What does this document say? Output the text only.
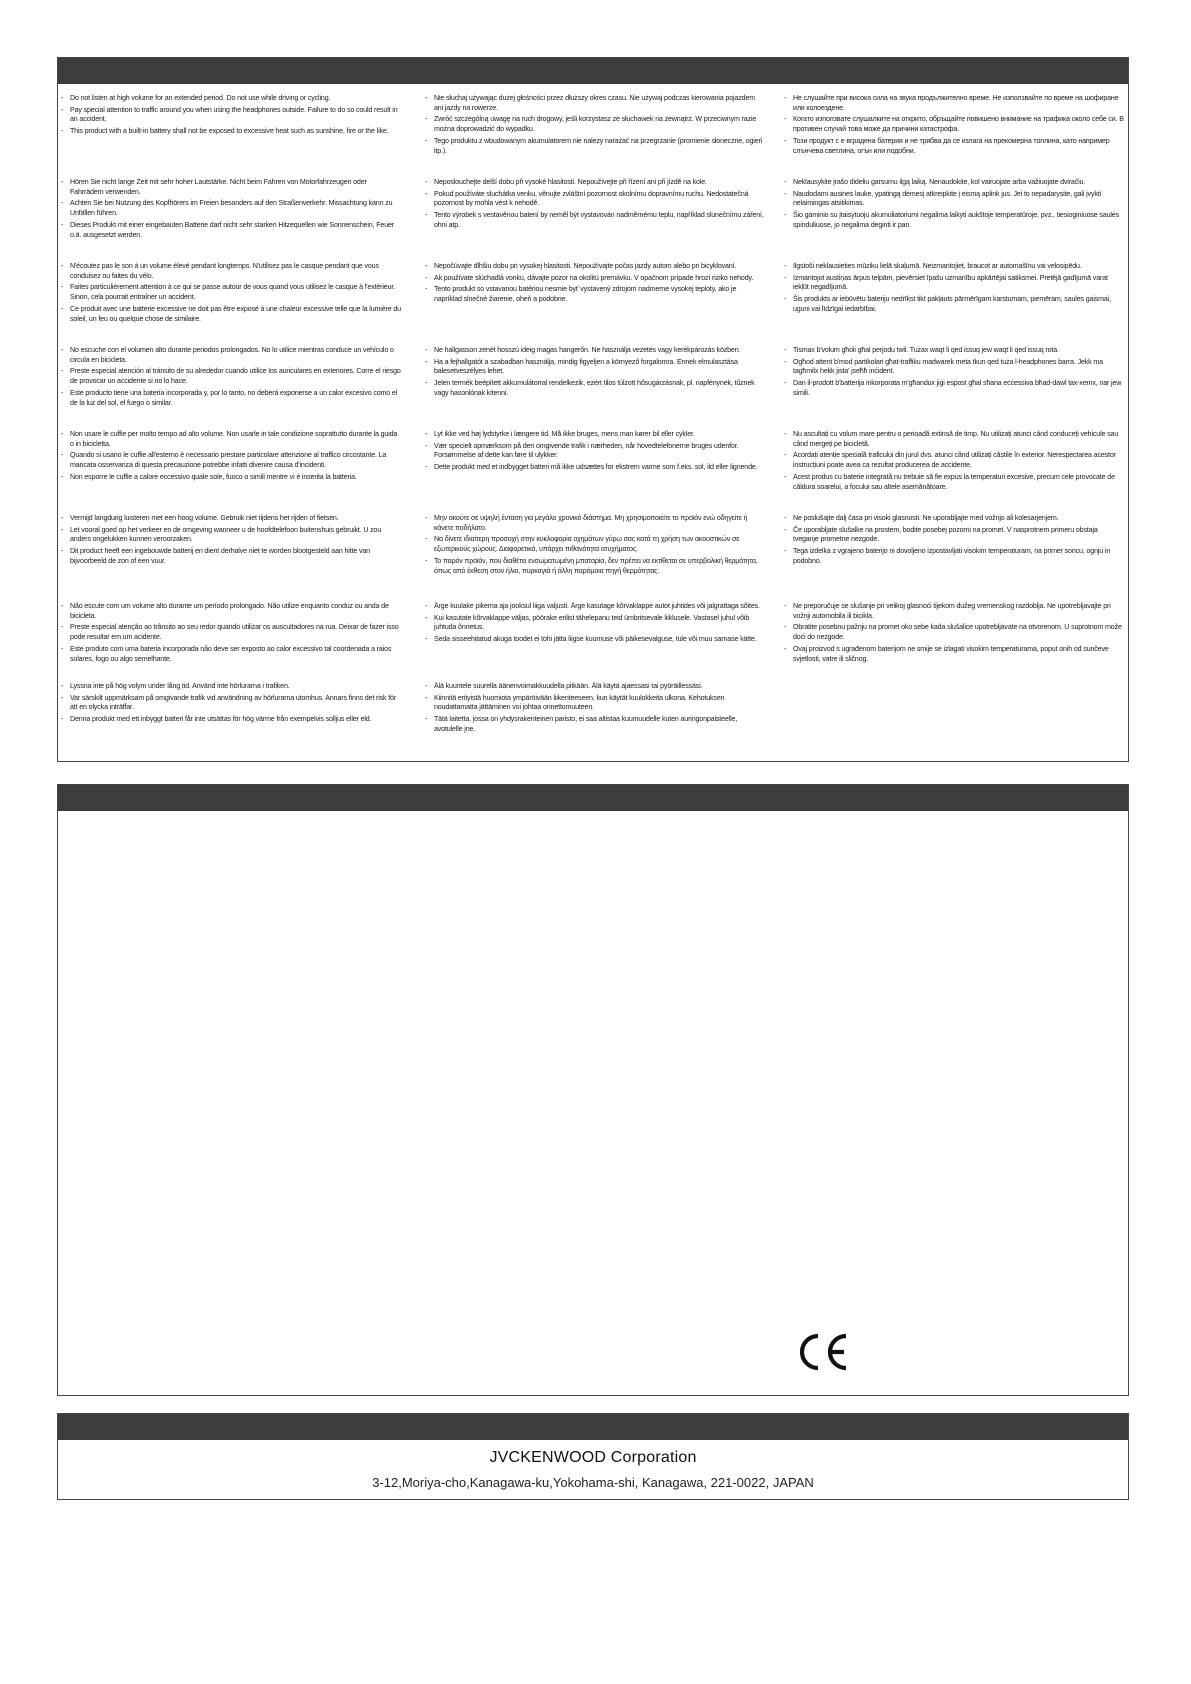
- Do not listen at high volume for an extended period. Do not use while driving or cycling.
- Pay special attention to traffic around you when using the headphones outside. Failure to do so could result in an accident.
- This product with a built-in battery shall not be exposed to excessive heat such as sunshine, fire or the like.
- Nie słuchaj używając dużej głośności przez dłuższy okres czasu. Nie używaj podczas kierowania pojazdem ani jazdy na rowerze.
- Zwróć szczególną uwagę na ruch drogowy, jeśli korzystasz ze słuchawek na zewnątrz. W przeciwnym razie można doprowadzić do wypadku.
- Tego produktu z wbudowanym akumulatorem nie należy narażać na przegrzanie (promienie słoneczne, ogień itp.).
- Не слушайте при висока сила на звука продължително време. Не използвайте по време на шофиране или колоездене.
- Когато използвате слушалките на открито, обръщайте повишено внимание на трафика около себе си. В противен случай това може да причини катастрофа.
- Този продукт с е вградена батерия и не трябва да се излага на прекомерна топлина, като например слънчева светлина, огън или подобни.
- Hören Sie nicht lange Zeit mit sehr hoher Lautstärke. Nicht beim Fahren von Motorfahrzeugen oder Fahrrädern verwenden.
- Achten Sie bei Nutzung des Kopfhörers im Freien besonders auf den Straßenverkehr. Missachtung kann zu Unfällen führen.
- Dieses Produkt mit einer eingebauten Batterie darf nicht sehr starken Hitzequellen wie Sonnenschein, Feuer o.ä. ausgesetzt werden.
- Neposlouchejte delší dobu při vysoké hlasitosti. Nepoužívejte při řízení ani při jízdě na kole.
- Pokud používáte sluchátka venku, věnujte zvláštní pozornost okolnímu dopravnímu ruchu. Nedostatečná pozornost by mohla vést k nehodě.
- Tento výrobek s vestavěnou baterií by neměl být vystavován nadměrnému teplu, například slunečnímu záření, ohni atp.
- Neklausykite įrašo dideliu garsumu ilgą laiką. Nenaudokite, kol vairuojate arba važiuojate dviračiu.
- Naudodami ausines lauke, ypatingą dėmesį atkreipkite į eismą aplink jus. Jei to nepadarysite, gali įvykti nelaimingas atsitikimas.
- Šio gaminio su įtaisytuoju akumuliatoriumi negalima laikyti aukštoje temperatūroje, pvz., tiesioginiuose saulės spinduliuose, jo negalima deginti ir pan.
- N'écoutez pas le son à un volume élevé pendant longtemps. N'utilisez pas le casque pendant que vous conduisez ou faites du vélo.
- Faites particulièrement attention à ce qui se passe autour de vous quand vous utilisez le casque à l'extérieur. Sinon, cela pourrait entraîner un accident.
- Ce produit avec une batterie excessive ne doit pas être exposé à une chaleur excessive telle que la lumière du soleil, un feu ou quelque chose de similaire.
- Nepočúvajte dlhšiu dobu pri vysokej hlasitosti. Nepoužívajte počas jazdy autom alebo pri bicyklovaní.
- Ak používate slúchadlá vonku, dávajte pozor na okolitú premávku. V opačnom prípade hrozí riziko nehody.
- Tento produkt so vstavanou batériou nesmie byť vystavený zdrojom nadmerne vysokej teploty, ako je napríklad slnečné žiarenie, oheň a podobne.
- Ilgstoši neklausieties mūziku lielā skaļumā. Neizmantojiet, braucot ar automašīnu vai velosipēdu.
- Izmantojot austiņas ārpus telpām, pievērsiet īpašu uzmanību apkārtējai satiksmei. Pretējā gadījumā varat iekļūt negadījumā.
- Šis produkts ar iebūvētu bateriju nedrīkst tikt pakļauts pārmērīgam karstumam, piemēram, saules gaismai, uguni vai līdzīgai iedarbībai.
- No escuche con el volumen alto durante periodos prolongados. No lo utilice mientras conduce un vehículo o circula en bicicleta.
- Preste especial atención al tránsito de su alrededor cuando utilice los auriculares en exteriores. Corre el riesgo de provocar un accidente si no lo hace.
- Este producto tiene una batería incorporada y, por lo tanto, no deberá exponerse a un calor excesivo como el de la luz del sol, el fuego o similar.
- Ne hallgasson zenét hosszú ideig magas hangerőn. Ne használja vezetés vagy kerékpározás közben.
- Ha a fejhallgatót a szabadban használja, mindig figyeljen a környező forgalomra. Ennek elmulasztása balesetveszélyes lehet.
- Jelen termék beépített akkumulátorral rendelkezik, ezért tilos túlzott hősugárzásnak, pl. napfénynek, tűznek vagy hasonlónak kitenni.
- Tismax b'volum għoli għal perjodu twil. Tużax waqt li qed issuq jew waqt li qed issuq rota.
- Ogħod attent b'mod partikolari għat-traffiku madwarek meta tkun qed tuża l-headphones barra. Jekk ma tagħmilx hekk jista' jseħħ inċident.
- Dan il-prodott b'batterija inkorporata m'għandux jiġi espost għal sħana eċċessiva bħad-dawl tax-xemx, nar jew simili.
- Non usare le cuffie per molto tempo ad alto volume. Non usarle in tale condizione soprattutto durante la guida o in bicicletta.
- Quando si usano le cuffie all'esterno è necessario prestare particolare attenzione al traffico circostante. La mancata osservanza di questa precauzione potrebbe infatti divenire causa d'incidenti.
- Non esporre le cuffie a calore eccessivo quale sole, fuoco o simili mentre vi è inserita la batteria.
- Lyt ikke ved høj lydstyrke i længere tid. Må ikke bruges, mens man kører bil eller cykler.
- Vær specielt opmærksom på den omgivende trafik i nærheden, når hovedtelefonerne bruges udenfor. Forsømmelse af dette kan føre til ulykker.
- Dette produkt med et indbygget batteri må ikke udsættes for ekstrem varme som f.eks. sol, ild eller lignende.
- Nu ascultați cu volum mare pentru o perioadă extinsă de timp. Nu utilizați atunci când conduceți vehicule sau când mergeți pe bicicletă.
- Acordați atenție specială traficului din jurul dvs. atunci când utilizați căștile în exterior. Nerespectarea acestor instrucțiuni poate avea ca rezultat producerea de accidente.
- Acest produs cu baterie integrată nu trebuie să fie expus la temperaturi excesive, precum cele provocate de căldura soarelui, a focului sau altele asemănătoare.
- Vermijd langdurig luisteren met een hoog volume. Gebruik niet tijdens het rijden of fietsen.
- Let vooral goed op het verkeer en de omgeving wanneer u de hoofdtelefoon buitenshuis gebruikt. U zou anders ongelukken kunnen veroorzaken.
- Dit product heeft een ingebouwde batterij en dient derhalve niet te worden blootgesteld aan hitte van bijvoorbeeld de zon of een vuur.
- Μην ακούτε σε υψηλή ένταση για μεγάλο χρονικό διάστημα. Μη χρησιμοποιείτε το προϊόν ενώ οδηγείτε ή κάνετε ποδήλατο.
- Να δίνετε ιδιαίτερη προσοχή στην κυκλοφορία οχημάτων γύρω σας κατά τη χρήση των ακουστικών σε εξωτερικούς χώρους. Διαφορετικά, υπάρχει πιθανότητα ατυχήματος.
- Το παρόν προϊόν, που διαθέτει ενσωματωμένη μπαταρία, δεν πρέπει να εκτίθεται σε υπερβολική θερμότητα, όπως από έκθεση στον ήλιο, πυρκαγιά ή άλλη παρόμοια πηγή θερμότητας.
- Ne poslušajte dalj časa pri visoki glasnosti. Ne uporabljajte med vožnjo ali kolesarjenjem.
- Če uporabljate slušalke na prostem, bodite posebej pozorni na promet. V nasprotnem primeru obstaja tveganje prometne nezgode.
- Tega izdelka z vgrajeno baterijo ni dovoljeno izpostavljati visokim temperaturam, na primer soncu, ognju in podobno.
- Não escute com um volume alto durante um período prolongado. Não utilize enquanto conduz ou anda de bicicleta.
- Preste especial atenção ao trânsito ao seu redor quando utilizar os auscultadores na rua. Deixar de fazer isso pode resultar em um acidente.
- Este produto com uma bateria incorporada não deve ser exposto ao calor excessivo tal coordenada a raios solares, fogo ou algo semelhante.
- Ärge kuulake pikema aja jooksul liiga valjusti. Ärge kasutage kõrvaklappe autot juhtides või jalgrattaga sõites.
- Kui kasutate kõrvaklappe väljas, pöörake erilist tähelepanu teid ümbritsevale liiklusele. Vastasel juhul võib juhtuda õnnetus.
- Seda sisseehitatud akuga toodet ei tohi jätta liigse kuumuse või päikesevalguse, tule või muu sarnase kätte.
- Ne preporučuje se slušanje pri velikoj glasnoći tijekom dužeg vremenskog razdoblja. Ne upotrebljavajte pri vožnji automobila ili bicikla.
- Obratite posebnu pažnju na promet oko sebe kada slušalice upotrebljavate na otvorenom. U suprotnom može doći do nezgode.
- Ovaj proizvod s ugrađenom baterijom ne smije se izlagati visokim temperaturama, poput onih od sunčeve svjetlosti, vatre ili sličnog.
- Lyssna inte på hög volym under lång tid. Använd inte hörlurarna i trafiken.
- Var särskilt uppmärksam på omgivande trafik vid användning av hörlurarna utomhus. Annars finns det risk för att en olycka inträffar.
- Denna produkt med ett inbyggt batteri får inte utsättas för hög värme från exempelvis solljus eller eld.
- Älä kuuntele suurella äänenvoimakkuudella pitkään. Älä käytä ajaessasi tai pyöräillessäsi.
- Kiinnitä erityistä huomiota ympäröivään liikenteeseen, kun käytät kuulokkeita ulkona. Kehotuksen noudattamatta jättäminen voi johtaa onnettomuuteen.
- Tätä laitetta, jossa on yhdysrakenteinen paristo, ei saa altistaa kuumuudelle kuten auringonpaisteelle, avotulelle jne.
JVCKENWOOD Corporation
3-12,Moriya-cho,Kanagawa-ku,Yokohama-shi, Kanagawa, 221-0022, JAPAN
